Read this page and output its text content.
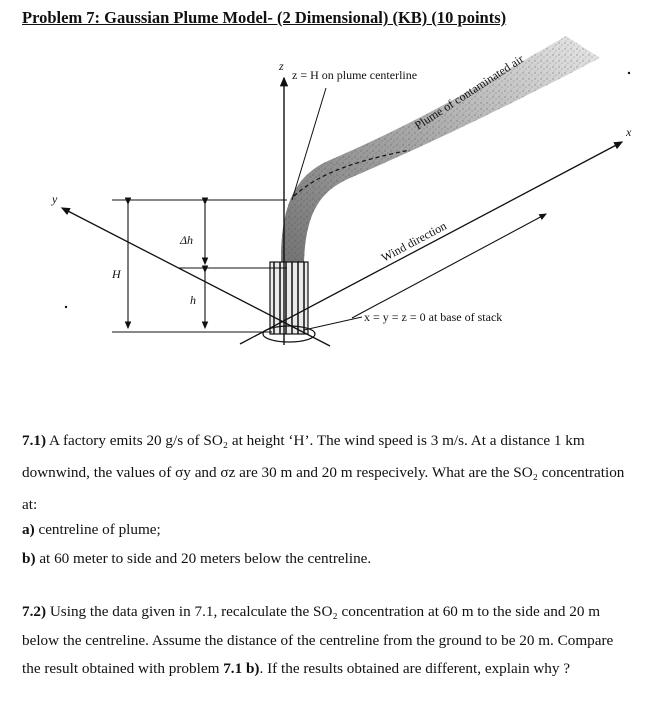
Problem 7: Gaussian Plume Model- (2 Dimensional) (KB) (10 points)
z
z = H on plume centerline
Plume of contaminated air	x
y
Wind direction
x = y = z = 0 at base of stack
H
Δh
h
7.1) A factory emits 20 g/s of SO₂ at height ‘H’. The wind speed is 3 m/s. At a distance 1 km
downwind, the values of σy and σz are 30 m and 20 m respecively. What are the SO₂ concentration
at:
a) centreline of plume;
b) at 60 meter to side and 20 meters below the centreline.
7.2) Using the data given in 7.1, recalculate the SO₂ concentration at 60 m to the side and 20 m
below the centreline. Assume the distance of the centreline from the ground to be 20 m. Compare
the result obtained with problem 7.1 b). If the results obtained are different, explain why ?
